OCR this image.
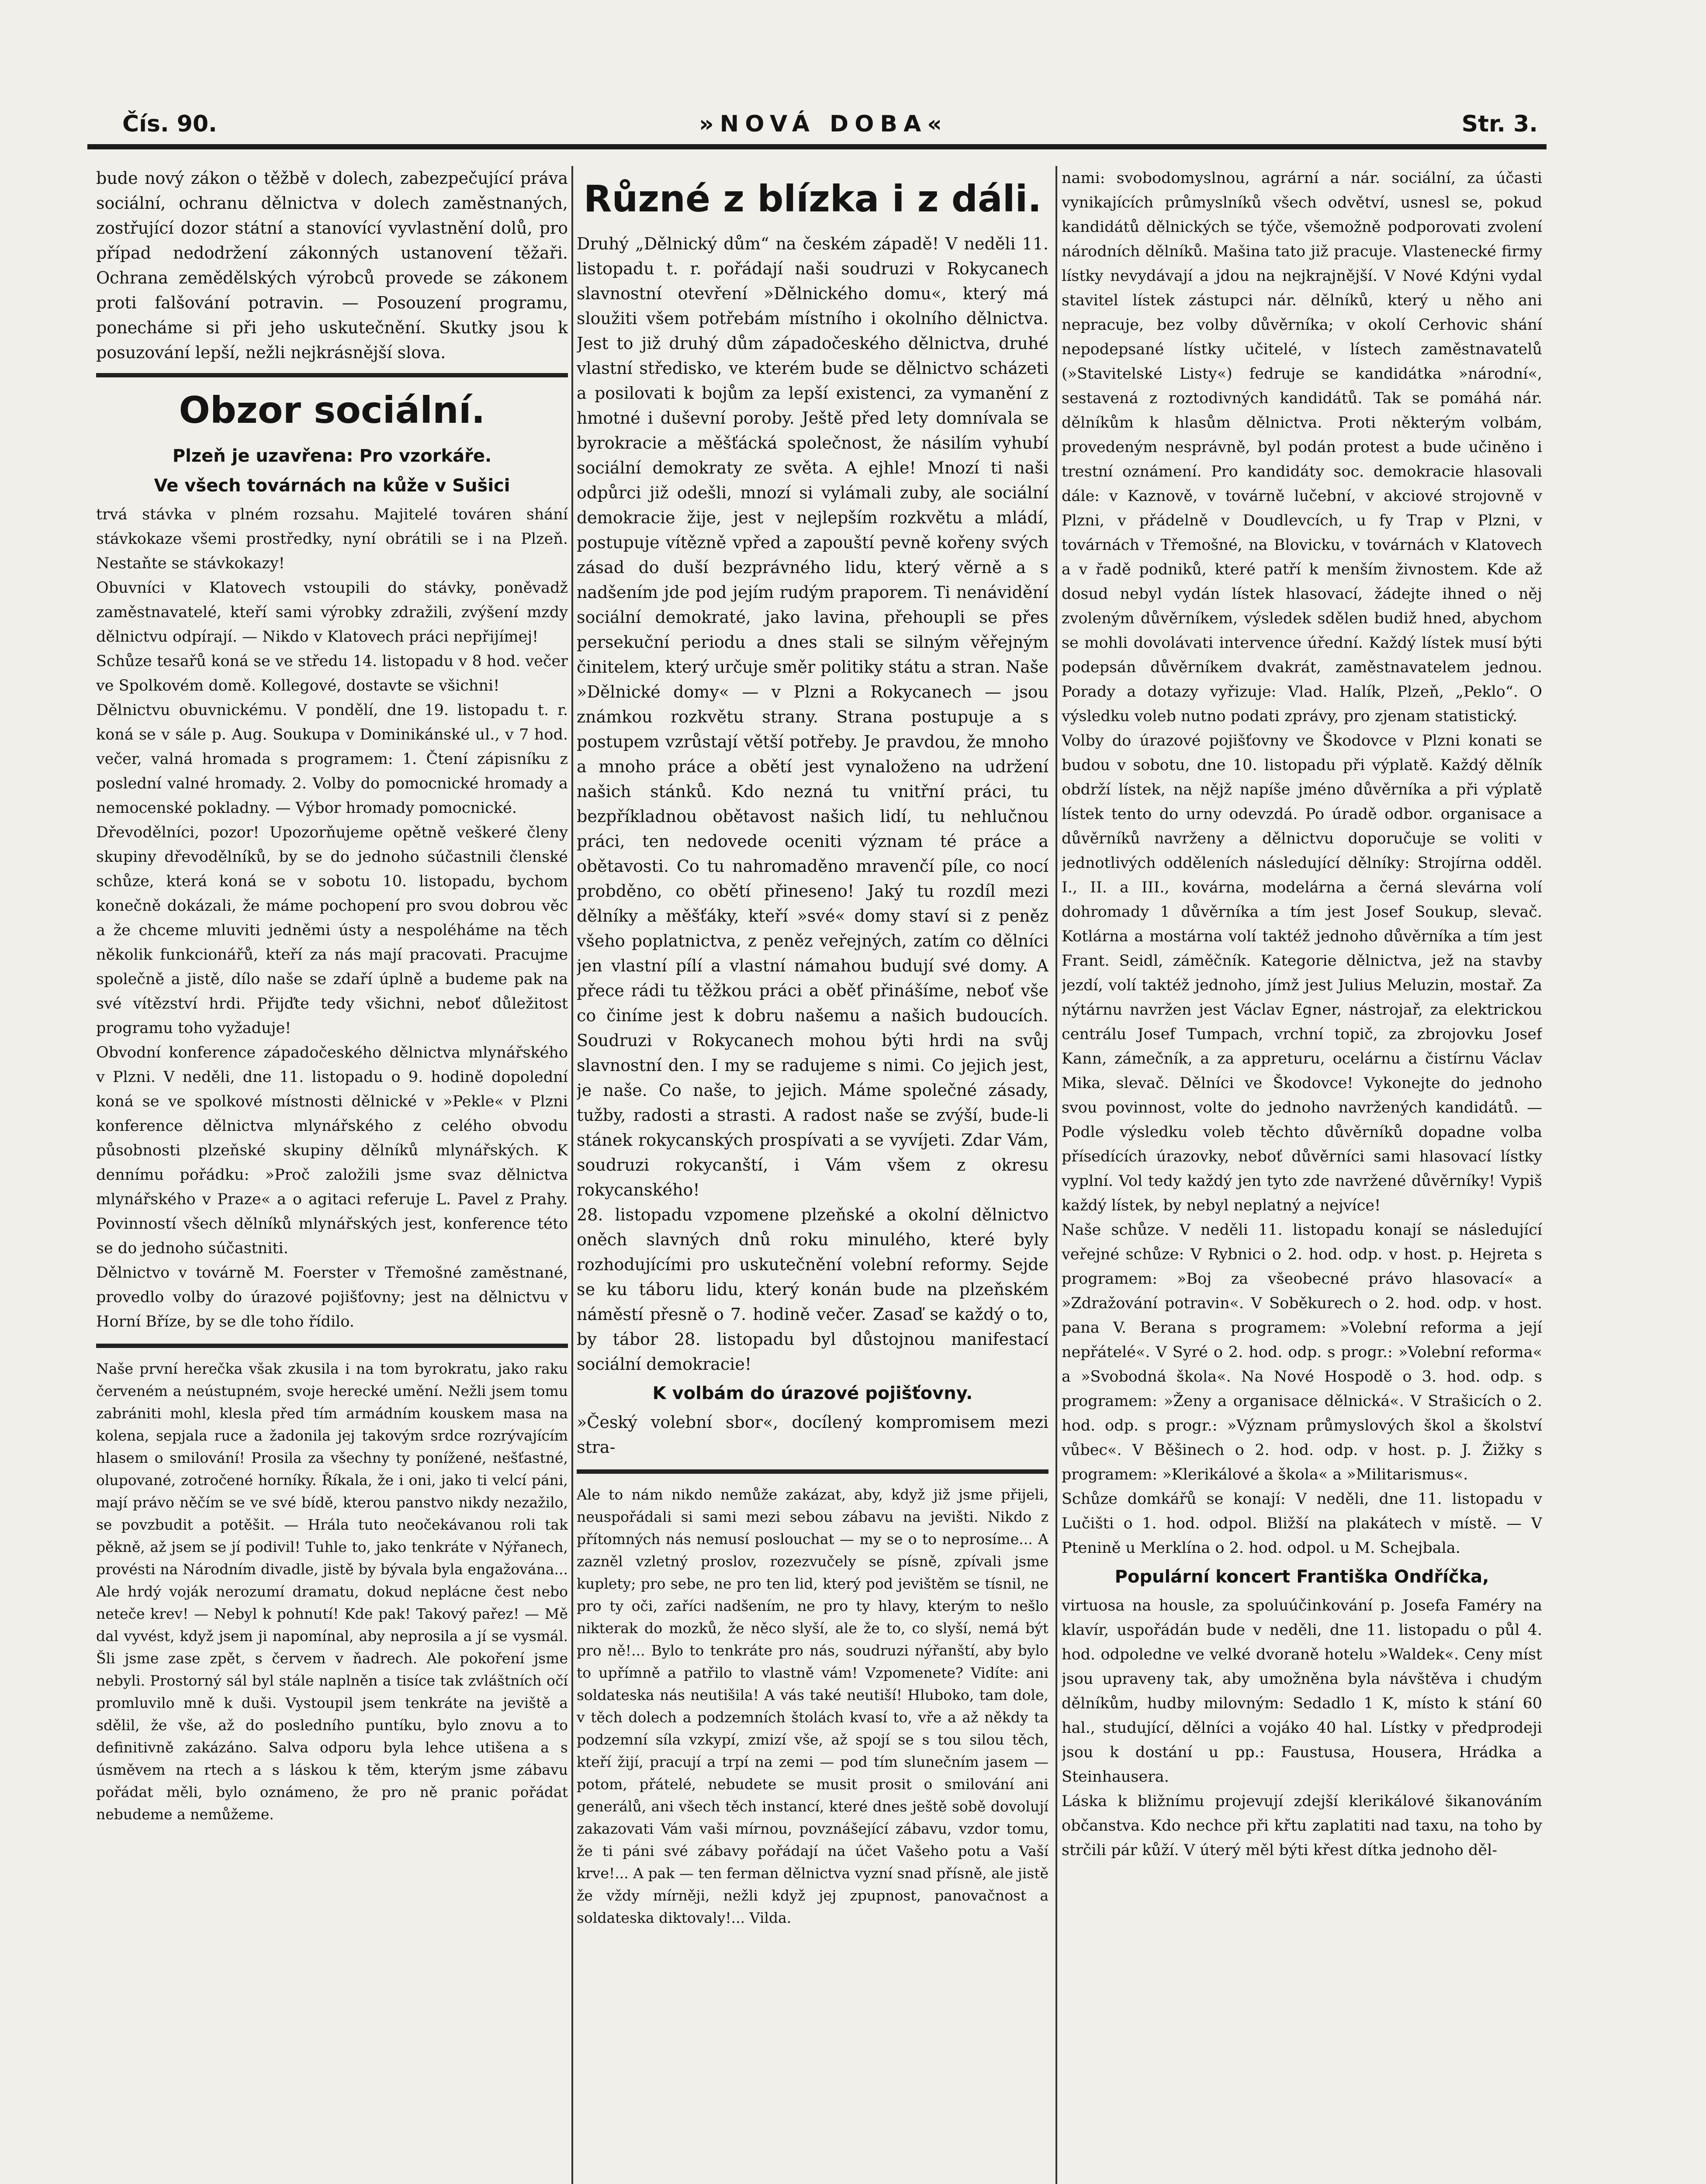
Čís. 90.	»NOVÁ DOBA«	Str. 3.

bude nový zákon o těžbě v dolech, zabezpečující práva sociální, ochranu dělnictva v dolech zaměstnaných, zostřující dozor státní a stanovící vyvlastnění dolů, pro případ nedodržení zákonných ustanovení těžaři. Ochrana zemědělských výrobců provede se zákonem proti falšování potravin. — Posouzení programu, ponecháme si při jeho uskutečnění. Skutky jsou k posuzování lepší, nežli nejkrásnější slova.

Obzor sociální.
Plzeň je uzavřena: Pro vzorkáře.
Ve všech továrnách na kůže v Sušici

trvá stávka v plném rozsahu. Majitelé továren shání stávkokaze všemi prostředky, nyní obrátili se i na Plzeň. Nestaňte se stávkokazy!

Obuvníci v Klatovech vstoupili do stávky, poněvadž zaměstnavatelé, kteří sami výrobky zdražili, zvýšení mzdy dělnictvu odpírají. — Nikdo v Klatovech práci nepřijímej!

Schůze tesařů koná se ve středu 14. listopadu v 8 hod. večer ve Spolkovém domě. Kollegové, dostavte se všichni!

Dělnictvu obuvnickému. V pondělí, dne 19. listopadu t. r. koná se v sále p. Aug. Soukupa v Dominikánské ul., v 7 hod. večer, valná hromada s programem: 1. Čtení zápisníku z poslední valné hromady. 2. Volby do pomocnické hromady a nemocenské pokladny. — Výbor hromady pomocnické.

Dřevodělníci, pozor! Upozorňujeme opětně veškeré členy skupiny dřevodělníků, by se do jednoho súčastnili členské schůze, která koná se v sobotu 10. listopadu, bychom konečně dokázali, že máme pochopení pro svou dobrou věc a že chceme mluviti jedněmi ústy a nespoléháme na těch několik funkcionářů, kteří za nás mají pracovati. Pracujme společně a jistě, dílo naše se zdaří úplně a budeme pak na své vítězství hrdi. Přijďte tedy všichni, neboť důležitost programu toho vyžaduje!

Obvodní konference západočeského dělnictva mlynářského v Plzni. V neděli, dne 11. listopadu o 9. hodině dopolední koná se ve spolkové místnosti dělnické v »Pekle« v Plzni konference dělnictva mlynářského z celého obvodu působnosti plzeňské skupiny dělníků mlynářských. K dennímu pořádku: »Proč založili jsme svaz dělnictva mlynářského v Praze« a o agitaci referuje L. Pavel z Prahy. Povinností všech dělníků mlynářských jest, konference této se do jednoho súčastniti.

Dělnictvo v továrně M. Foerster v Třemošné zaměstnané, provedlo volby do úrazové pojišťovny; jest na dělnictvu v Horní Bříze, by se dle toho řídilo.

Naše první herečka však zkusila i na tom byrokratu, jako raku červeném a neústupném, svoje herecké umění. Nežli jsem tomu zabrániti mohl, klesla před tím armádním kouskem masa na kolena, sepjala ruce a žadonila jej takovým srdce rozrývajícím hlasem o smilování! Prosila za všechny ty ponížené, nešťastné, olupované, zotročené horníky. Říkala, že i oni, jako ti velcí páni, mají právo něčím se ve své bídě, kterou panstvo nikdy nezažilo, se povzbudit a potěšit. — Hrála tuto neočekávanou roli tak pěkně, až jsem se jí podivil! Tuhle to, jako tenkráte v Nýřanech, provésti na Národním divadle, jistě by bývala byla engažována... Ale hrdý voják nerozumí dramatu, dokud neplácne čest nebo neteče krev! — Nebyl k pohnutí! Kde pak! Takový pařez! — Mě dal vyvést, když jsem ji napomínal, aby neprosila a jí se vysmál. Šli jsme zase zpět, s červem v ňadrech. Ale pokoření jsme nebyli. Prostorný sál byl stále naplněn a tisíce tak zvláštních očí promluvilo mně k duši. Vystoupil jsem tenkráte na jeviště a sdělil, že vše, až do posledního puntíku, bylo znovu a to definitivně zakázáno. Salva odporu byla lehce utišena a s úsměvem na rtech a s láskou k těm, kterým jsme zábavu pořádat měli, bylo oznámeno, že pro ně pranic pořádat nebudeme a nemůžeme.

Různé z blízka i z dáli.

Druhý „Dělnický dům“ na českém západě! V neděli 11. listopadu t. r. pořádají naši soudruzi v Rokycanech slavnostní otevření »Dělnického domu«, který má sloužiti všem potřebám místního i okolního dělnictva. Jest to již druhý dům západočeského dělnictva, druhé vlastní středisko, ve kterém bude se dělnictvo scházeti a posilovati k bojům za lepší existenci, za vymanění z hmotné i duševní poroby. Ještě před lety domnívala se byrokracie a měšťácká společnost, že násilím vyhubí sociální demokraty ze světa. A ejhle! Mnozí ti naši odpůrci již odešli, mnozí si vylámali zuby, ale sociální demokracie žije, jest v nejlepším rozkvětu a mládí, postupuje vítězně vpřed a zapouští pevně kořeny svých zásad do duší bezprávného lidu, který věrně a s nadšením jde pod jejím rudým praporem. Ti nenávidění sociální demokraté, jako lavina, přehoupli se přes persekuční periodu a dnes stali se silným věřejným činitelem, který určuje směr politiky státu a stran. Naše »Dělnické domy« — v Plzni a Rokycanech — jsou známkou rozkvětu strany. Strana postupuje a s postupem vzrůstají větší potřeby. Je pravdou, že mnoho a mnoho práce a obětí jest vynaloženo na udržení našich stánků. Kdo nezná tu vnitřní práci, tu bezpříkladnou obětavost našich lidí, tu nehlučnou práci, ten nedovede oceniti význam té práce a obětavosti. Co tu nahromaděno mravenčí píle, co nocí probděno, co obětí přineseno! Jaký tu rozdíl mezi dělníky a měšťáky, kteří »své« domy staví si z peněz všeho poplatnictva, z peněz veřejných, zatím co dělníci jen vlastní pílí a vlastní námahou budují své domy. A přece rádi tu těžkou práci a oběť přinášíme, neboť vše co činíme jest k dobru našemu a našich budoucích. Soudruzi v Rokycanech mohou býti hrdi na svůj slavnostní den. I my se radujeme s nimi. Co jejich jest, je naše. Co naše, to jejich. Máme společné zásady, tužby, radosti a strasti. A radost naše se zvýší, bude-li stánek rokycanských prospívati a se vyvíjeti. Zdar Vám, soudruzi rokycanští, i Vám všem z okresu rokycanského!

28. listopadu vzpomene plzeňské a okolní dělnictvo oněch slavných dnů roku minulého, které byly rozhodujícími pro uskutečnění volební reformy. Sejde se ku táboru lidu, který konán bude na plzeňském náměstí přesně o 7. hodině večer. Zasaď se každý o to, by tábor 28. listopadu byl důstojnou manifestací sociální demokracie!

K volbám do úrazové pojišťovny.

»Český volební sbor«, docílený kompromisem mezi stra-

Ale to nám nikdo nemůže zakázat, aby, když již jsme přijeli, neuspořádali si sami mezi sebou zábavu na jevišti. Nikdo z přítomných nás nemusí poslouchat — my se o to neprosíme... A zazněl vzletný proslov, rozezvučely se písně, zpívali jsme kuplety; pro sebe, ne pro ten lid, který pod jevištěm se tísnil, ne pro ty oči, zaříci nadšením, ne pro ty hlavy, kterým to nešlo nikterak do mozků, že něco slyší, ale že to, co slyší, nemá být pro ně!... Bylo to tenkráte pro nás, soudruzi nýřanští, aby bylo to upřímně a patřilo to vlastně vám! Vzpomenete? Vidíte: ani soldateska nás neutišila! A vás také neutiší! Hluboko, tam dole, v těch dolech a podzemních štolách kvasí to, vře a až někdy ta podzemní síla vzkypí, zmizí vše, až spojí se s tou silou těch, kteří žijí, pracují a trpí na zemi — pod tím slunečním jasem — potom, přátelé, nebudete se musit prosit o smilování ani generálů, ani všech těch instancí, které dnes ještě sobě dovolují zakazovati Vám vaši mírnou, povznášející zábavu, vzdor tomu, že ti páni své zábavy pořádají na účet Vašeho potu a Vaší krve!... A pak — ten ferman dělnictva vyzní snad přísně, ale jistě že vždy mírněji, nežli když jej zpupnost, panovačnost a soldateska diktovaly!... Vilda.

nami: svobodomyslnou, agrární a nár. sociální, za účasti vynikajících průmyslníků všech odvětví, usnesl se, pokud kandidátů dělnických se týče, všemožně podporovati zvolení národních dělníků. Mašina tato již pracuje. Vlastenecké firmy lístky nevydávají a jdou na nejkrajnější. V Nové Kdýni vydal stavitel lístek zástupci nár. dělníků, který u něho ani nepracuje, bez volby důvěrníka; v okolí Cerhovic shání nepodepsané lístky učitelé, v lístech zaměstnavatelů (»Stavitelské Listy«) fedruje se kandidátka »národní«, sestavená z roztodivných kandidátů. Tak se pomáhá nár. dělníkům k hlasům dělnictva. Proti některým volbám, provedeným nesprávně, byl podán protest a bude učiněno i trestní oznámení. Pro kandidáty soc. demokracie hlasovali dále: v Kaznově, v továrně lučební, v akciové strojovně v Plzni, v přádelně v Doudlevcích, u fy Trap v Plzni, v továrnách v Třemošné, na Blovicku, v továrnách v Klatovech a v řadě podniků, které patří k menším živnostem. Kde až dosud nebyl vydán lístek hlasovací, žádejte ihned o něj zvoleným důvěrníkem, výsledek sdělen budiž hned, abychom se mohli dovolávati intervence úřední. Každý lístek musí býti podepsán důvěrníkem dvakrát, zaměstnavatelem jednou. Porady a dotazy vyřizuje: Vlad. Halík, Plzeň, „Peklo“. O výsledku voleb nutno podati zprávy, pro zjenam statistický.

Volby do úrazové pojišťovny ve Škodovce v Plzni konati se budou v sobotu, dne 10. listopadu při výplatě. Každý dělník obdrží lístek, na nějž napíše jméno důvěrníka a při výplatě lístek tento do urny odevzdá. Po úradě odbor. organisace a důvěrníků navrženy a dělnictvu doporučuje se voliti v jednotlivých odděleních následující dělníky: Strojírna odděl. I., II. a III., kovárna, modelárna a černá slevárna volí dohromady 1 důvěrníka a tím jest Josef Soukup, slevač. Kotlárna a mostárna volí taktéž jednoho důvěrníka a tím jest Frant. Seidl, záměčník. Kategorie dělnictva, jež na stavby jezdí, volí taktéž jednoho, jímž jest Julius Meluzin, mostař. Za nýtárnu navržen jest Václav Egner, nástrojař, za elektrickou centrálu Josef Tumpach, vrchní topič, za zbrojovku Josef Kann, zámečník, a za appreturu, ocelárnu a čistírnu Václav Mika, slevač. Dělníci ve Škodovce! Vykonejte do jednoho svou povinnost, volte do jednoho navržených kandidátů. — Podle výsledku voleb těchto důvěrníků dopadne volba přísedících úrazovky, neboť důvěrníci sami hlasovací lístky vyplní. Vol tedy každý jen tyto zde navržené důvěrníky! Vypiš každý lístek, by nebyl neplatný a nejvíce!

Naše schůze. V neděli 11. listopadu konají se následující veřejné schůze: V Rybnici o 2. hod. odp. v host. p. Hejreta s programem: »Boj za všeobecné právo hlasovací« a »Zdražování potravin«. V Soběkurech o 2. hod. odp. v host. pana V. Berana s programem: »Volební reforma a její nepřátelé«. V Syré o 2. hod. odp. s progr.: »Volební reforma« a »Svobodná škola«. Na Nové Hospodě o 3. hod. odp. s programem: »Ženy a organisace dělnická«. V Strašicích o 2. hod. odp. s progr.: »Význam průmyslových škol a školství vůbec«. V Běšinech o 2. hod. odp. v host. p. J. Žižky s programem: »Klerikálové a škola« a »Militarismus«.

Schůze domkářů se konají: V neděli, dne 11. listopadu v Lučišti o 1. hod. odpol. Bližší na plakátech v místě. — V Ptenině u Merklína o 2. hod. odpol. u M. Schejbala.

Populární koncert Františka Ondříčka,

virtuosa na housle, za spoluúčinkování p. Josefa Faméry na klavír, uspořádán bude v neděli, dne 11. listopadu o půl 4. hod. odpoledne ve velké dvoraně hotelu »Waldek«. Ceny míst jsou upraveny tak, aby umožněna byla návštěva i chudým dělníkům, hudby milovným: Sedadlo 1 K, místo k stání 60 hal., studující, dělníci a vojáko 40 hal. Lístky v předprodeji jsou k dostání u pp.: Faustusa, Housera, Hrádka a Steinhausera.

Láska k bližnímu projevují zdejší klerikálové šikanováním občanstva. Kdo nechce při křtu zaplatiti nad taxu, na toho by strčili pár kůží. V úterý měl býti křest dítka jednoho děl-
